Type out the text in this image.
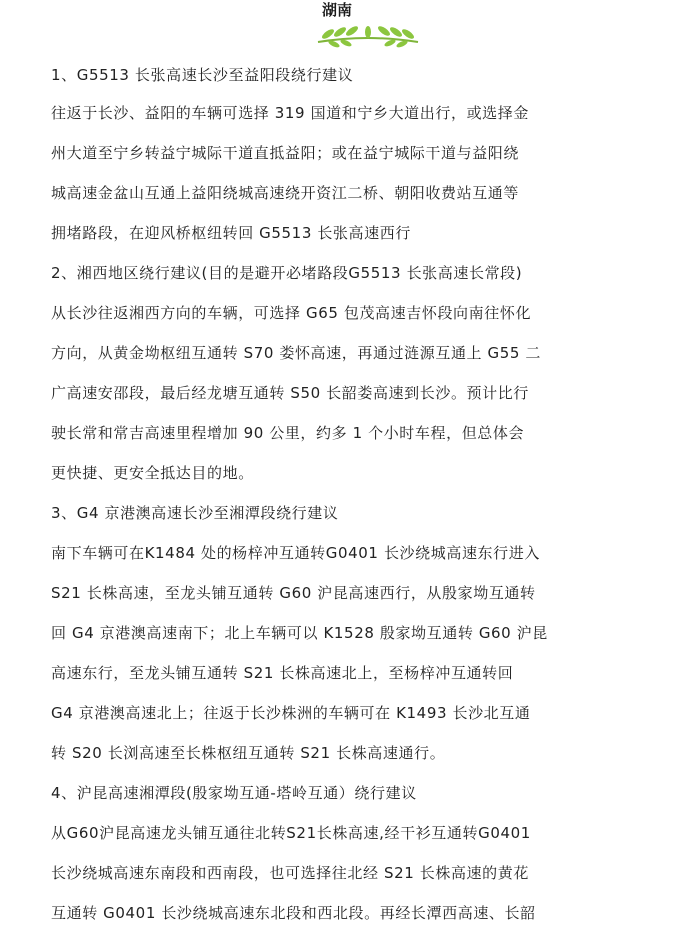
湖南
1、G5513 长张高速长沙至益阳段绕行建议
往返于长沙、益阳的车辆可选择 319 国道和宁乡大道出行，或选择金
州大道至宁乡转益宁城际干道直抵益阳；或在益宁城际干道与益阳绕
城高速金盆山互通上益阳绕城高速绕开资江二桥、朝阳收费站互通等
拥堵路段，在迎风桥枢纽转回 G5513 长张高速西行
2、湘西地区绕行建议(目的是避开必堵路段G5513 长张高速长常段)
从长沙往返湘西方向的车辆，可选择 G65 包茂高速吉怀段向南往怀化
方向，从黄金坳枢纽互通转 S70 娄怀高速，再通过涟源互通上 G55 二
广高速安邵段，最后经龙塘互通转 S50 长韶娄高速到长沙。预计比行
驶长常和常吉高速里程增加 90 公里，约多 1 个小时车程，但总体会
更快捷、更安全抵达目的地。
3、G4 京港澳高速长沙至湘潭段绕行建议
南下车辆可在K1484 处的杨梓冲互通转G0401 长沙绕城高速东行进入
S21 长株高速，至龙头铺互通转 G60 沪昆高速西行，从殷家坳互通转
回 G4 京港澳高速南下；北上车辆可以 K1528 殷家坳互通转 G60 沪昆
高速东行，至龙头铺互通转 S21 长株高速北上，至杨梓冲互通转回
G4 京港澳高速北上；往返于长沙株洲的车辆可在 K1493 长沙北互通
转 S20 长浏高速至长株枢纽互通转 S21 长株高速通行。
4、沪昆高速湘潭段(殷家坳互通-塔岭互通）绕行建议
从G60沪昆高速龙头铺互通往北转S21长株高速,经干衫互通转G0401
长沙绕城高速东南段和西南段，也可选择往北经 S21 长株高速的黄花
互通转 G0401 长沙绕城高速东北段和西北段。再经长潭西高速、长韶
